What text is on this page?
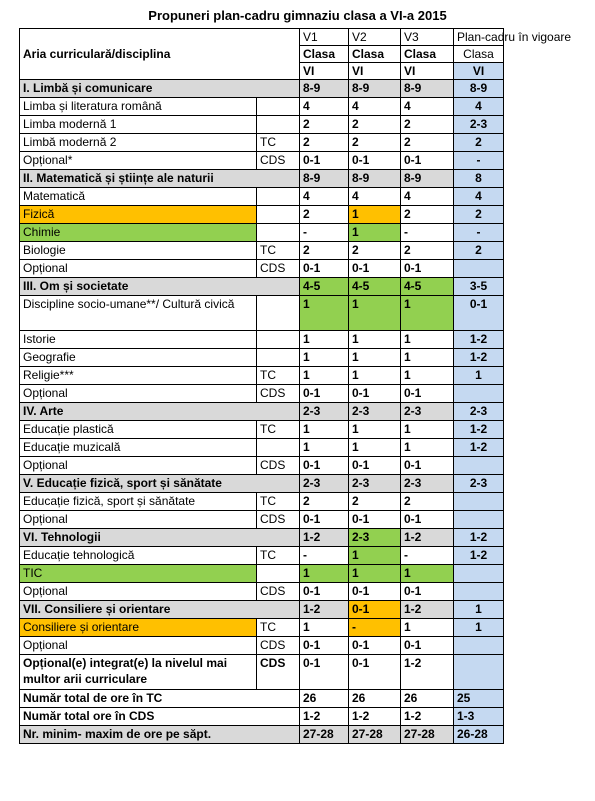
Propuneri plan-cadru gimnaziu clasa a VI-a 2015
Aria curriculară/disciplina		V1	V2	V3	Plan-cadru în vigoare
		Clasa	Clasa	Clasa	Clasa
		VI	VI	VI	VI
I. Limbă și comunicare		8-9	8-9	8-9	8-9
Limba și literatura română		4	4	4	4
Limba modernă 1		2	2	2	2-3
Limbă modernă 2	TC	2	2	2	2
Opțional*	CDS	0-1	0-1	0-1	-
II. Matematică și științe ale naturii		8-9	8-9	8-9	8
Matematică		4	4	4	4
Fizică		2	1	2	2
Chimie		-	1	-	-
Biologie	TC	2	2	2	2
Opțional	CDS	0-1	0-1	0-1	
III. Om și societate		4-5	4-5	4-5	3-5
Discipline socio-umane**/ Cultură civică		1	1	1	0-1
Istorie		1	1	1	1-2
Geografie		1	1	1	1-2
Religie***	TC	1	1	1	1
Opțional	CDS	0-1	0-1	0-1	
IV. Arte		2-3	2-3	2-3	2-3
Educație plastică	TC	1	1	1	1-2
Educație muzicală		1	1	1	1-2
Opțional	CDS	0-1	0-1	0-1	
V. Educație fizică, sport și sănătate		2-3	2-3	2-3	2-3
Educație fizică, sport și sănătate	TC	2	2	2	
Opțional	CDS	0-1	0-1	0-1	
VI. Tehnologii		1-2	2-3	1-2	1-2
Educație tehnologică	TC	-	1	-	1-2
TIC		1	1	1	
Opțional	CDS	0-1	0-1	0-1	
VII. Consiliere și orientare		1-2	0-1	1-2	1
Consiliere și orientare	TC	1	-	1	1
Opțional	CDS	0-1	0-1	0-1	
Opțional(e) integrat(e) la nivelul mai multor arii curriculare	CDS	0-1	0-1	1-2	
Număr total de ore în TC		26	26	26	25
Număr total ore în CDS		1-2	1-2	1-2	1-3
Nr. minim- maxim de ore pe săpt.		27-28	27-28	27-28	26-28
